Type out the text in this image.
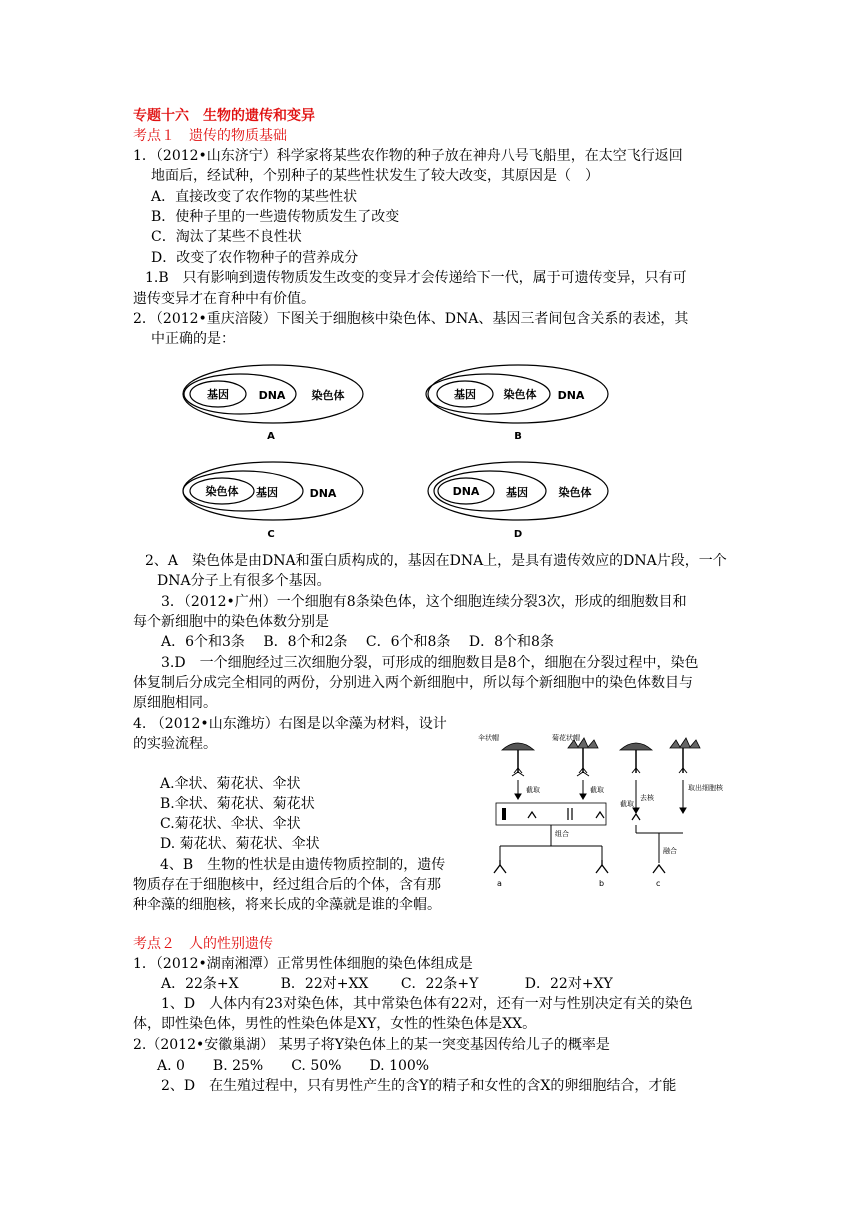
专题十六　生物的遗传和变异
考点１　遗传的物质基础
1．（2012•山东济宁）科学家将某些农作物的种子放在神舟八号飞船里，在太空飞行返回
地面后，经试种，个别种子的某些性状发生了较大改变，其原因是（　）
A．直接改变了农作物的某些性状
B．使种子里的一些遗传物质发生了改变
C．淘汰了某些不良性状
D．改变了农作物种子的营养成分
1.B　只有影响到遗传物质发生改变的变异才会传递给下一代，属于可遗传变异，只有可
遗传变异才在育种中有价值。
2．（2012•重庆涪陵）下图关于细胞核中染色体、DNA、基因三者间包含关系的表述，其
中正确的是：
基因	DNA 染色体
A
基因	染色体 DNA
B
染色体 基因	DNA
C
DNA 基因	染色体
D
2、A　染色体是由DNA和蛋白质构成的，基因在DNA上，是具有遗传效应的DNA片段，一个
DNA分子上有很多个基因。
3．（2012•广州）一个细胞有8条染色体，这个细胞连续分裂3次，形成的细胞数目和
每个新细胞中的染色体数分别是
A．6个和3条　 B．8个和2条　 C．6个和8条　 D．8个和8条
3.D　一个细胞经过三次细胞分裂，可形成的细胞数目是8个，细胞在分裂过程中，染色
体复制后分成完全相同的两份，分别进入两个新细胞中，所以每个新细胞中的染色体数目与
原细胞相同。
4. （2012•山东潍坊）右图是以伞藻为材料，设计
的实验流程。
A.伞状、菊花状、伞状
B.伞状、菊花状、菊花状
C.菊花状、伞状、伞状
D. 菊花状、菊花状、伞状
4、B　生物的性状是由遗传物质控制的，遗传
物质存在于细胞核中，经过组合后的个体，含有那
种伞藻的细胞核，将来长成的伞藻就是谁的伞帽。
伞状帽	菊花状帽
截取	截取
截取
去核
取出细胞核
组合
融合
a	b	c
考点２　人的性别遗传
1．（2012•湖南湘潭）正常男性体细胞的染色体组成是
A．22条+X　　　B．22对+XX　　 C．22条+Y　　　 D．22对+XY
1、D　人体内有23对染色体，其中常染色体有22对，还有一对与性别决定有关的染色
体，即性染色体，男性的性染色体是XY，女性的性染色体是XX。
2.（2012•安徽巢湖） 某男子将Y染色体上的某一突变基因传给儿子的概率是
A. 0　　B. 25%　　C. 50%　　D. 100%
2、D　在生殖过程中，只有男性产生的含Y的精子和女性的含X的卵细胞结合，才能
